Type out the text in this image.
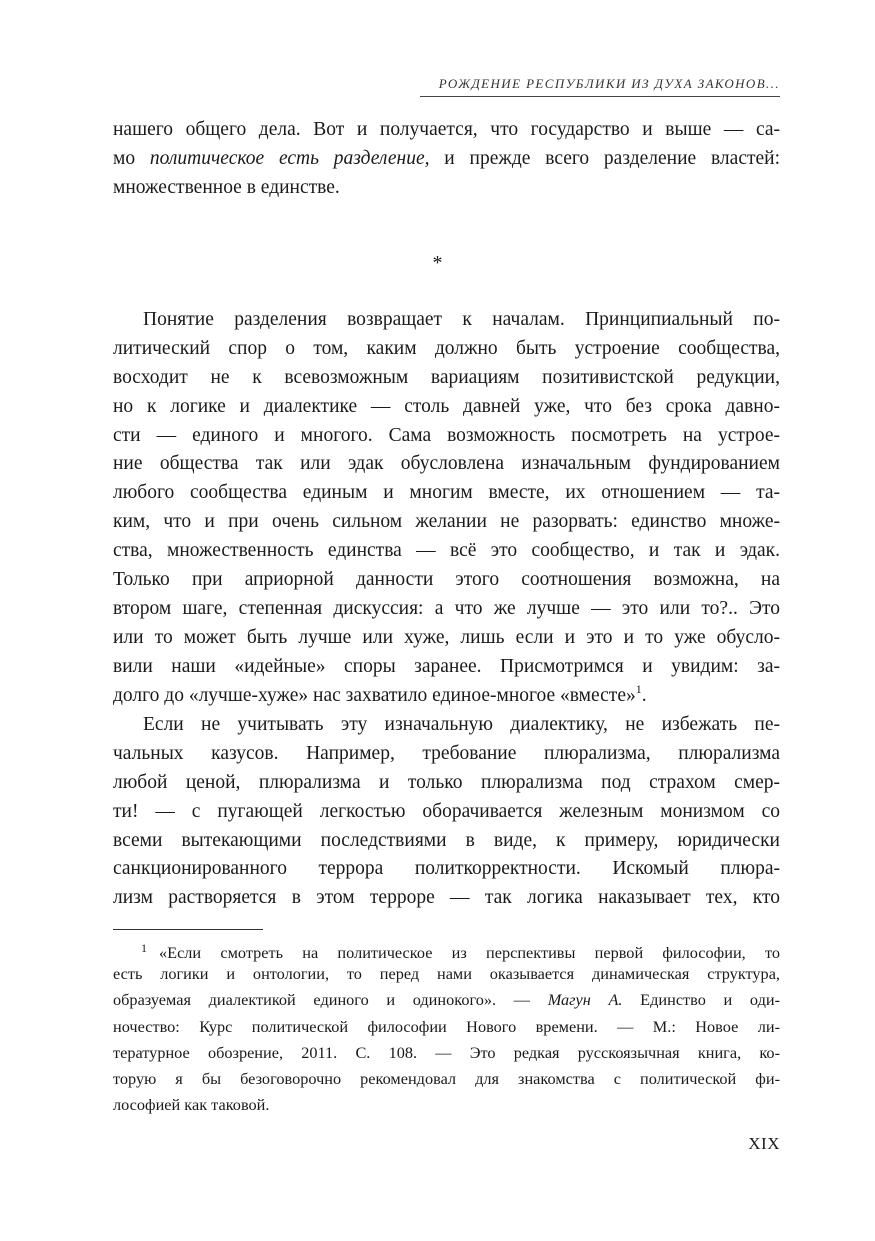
РОЖДЕНИЕ РЕСПУБЛИКИ ИЗ ДУХА ЗАКОНОВ...
нашего общего дела. Вот и получается, что государство и выше — са-
мо политическое есть разделение, и прежде всего разделение властей:
множественное в единстве.
*
Понятие разделения возвращает к началам. Принципиальный по-
литический спор о том, каким должно быть устроение сообщества,
восходит не к всевозможным вариациям позитивистской редукции,
но к логике и диалектике — столь давней уже, что без срока давно-
сти — единого и многого. Сама возможность посмотреть на устрое-
ние общества так или эдак обусловлена изначальным фундированием
любого сообщества единым и многим вместе, их отношением — та-
ким, что и при очень сильном желании не разорвать: единство множе-
ства, множественность единства — всё это сообщество, и так и эдак.
Только при априорной данности этого соотношения возможна, на
втором шаге, степенная дискуссия: а что же лучше — это или то?.. Это
или то может быть лучше или хуже, лишь если и это и то уже обусло-
вили наши «идейные» споры заранее. Присмотримся и увидим: за-
долго до «лучше-хуже» нас захватило единое-многое «вместе»$^1$.
Если не учитывать эту изначальную диалектику, не избежать пе-
чальных казусов. Например, требование плюрализма, плюрализма
любой ценой, плюрализма и только плюрализма под страхом смер-
ти! — с пугающей легкостью оборачивается железным монизмом со
всеми вытекающими последствиями в виде, к примеру, юридически
санкционированного террора политкорректности. Искомый плюра-
лизм растворяется в этом терроре — так логика наказывает тех, кто
$^1$ «Если смотреть на политическое из перспективы первой философии, то
есть логики и онтологии, то перед нами оказывается динамическая структура,
образуемая диалектикой единого и одинокого». — Магун А. Единство и оди-
ночество: Курс политической философии Нового времени. — М.: Новое ли-
тературное обозрение, 2011. С. 108. — Это редкая русскоязычная книга, ко-
торую я бы безоговорочно рекомендовал для знакомства с политической фи-
лософией как таковой.
XIX
